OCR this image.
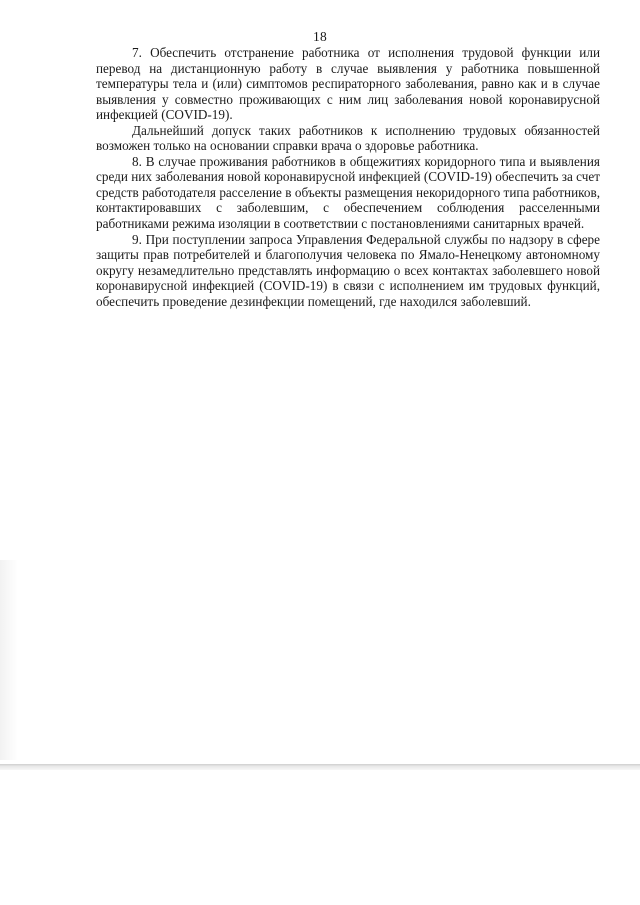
18

7. Обеспечить отстранение работника от исполнения трудовой функции или перевод на дистанционную работу в случае выявления у работника повышенной температуры тела и (или) симптомов респираторного заболевания, равно как и в случае выявления у совместно проживающих с ним лиц заболевания новой коронавирусной инфекцией (COVID-19).

Дальнейший допуск таких работников к исполнению трудовых обязанностей возможен только на основании справки врача о здоровье работника.

8. В случае проживания работников в общежитиях коридорного типа и выявления среди них заболевания новой коронавирусной инфекцией (COVID-19) обеспечить за счет средств работодателя расселение в объекты размещения некоридорного типа работников, контактировавших с заболевшим, с обеспечением соблюдения расселенными работниками режима изоляции в соответствии с постановлениями санитарных врачей.

9. При поступлении запроса Управления Федеральной службы по надзору в сфере защиты прав потребителей и благополучия человека по Ямало-Ненецкому автономному округу незамедлительно представлять информацию о всех контактах заболевшего новой коронавирусной инфекцией (COVID-19) в связи с исполнением им трудовых функций, обеспечить проведение дезинфекции помещений, где находился заболевший.
